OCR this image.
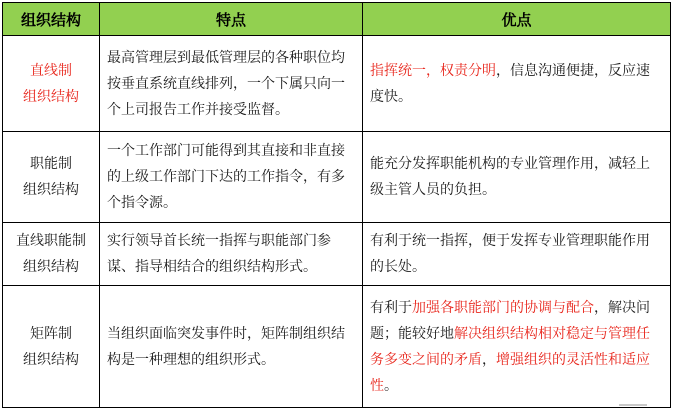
组织结构	特点	优点

直线制
组织结构	最高管理层到最低管理层的各种职位均按垂直系统直线排列，一个下属只向一个上司报告工作并接受监督。	指挥统一，权责分明，信息沟通便捷，反应速度快。

职能制
组织结构	一个工作部门可能得到其直接和非直接的上级工作部门下达的工作指令，有多个指令源。	能充分发挥职能机构的专业管理作用，减轻上级主管人员的负担。

直线职能制
组织结构	实行领导首长统一指挥与职能部门参谋、指导相结合的组织结构形式。	有利于统一指挥，便于发挥专业管理职能作用的长处。

矩阵制
组织结构	当组织面临突发事件时，矩阵制组织结构是一种理想的组织形式。	有利于加强各职能部门的协调与配合，解决问题；能较好地解决组织结构相对稳定与管理任务多变之间的矛盾，增强组织的灵活性和适应性。
